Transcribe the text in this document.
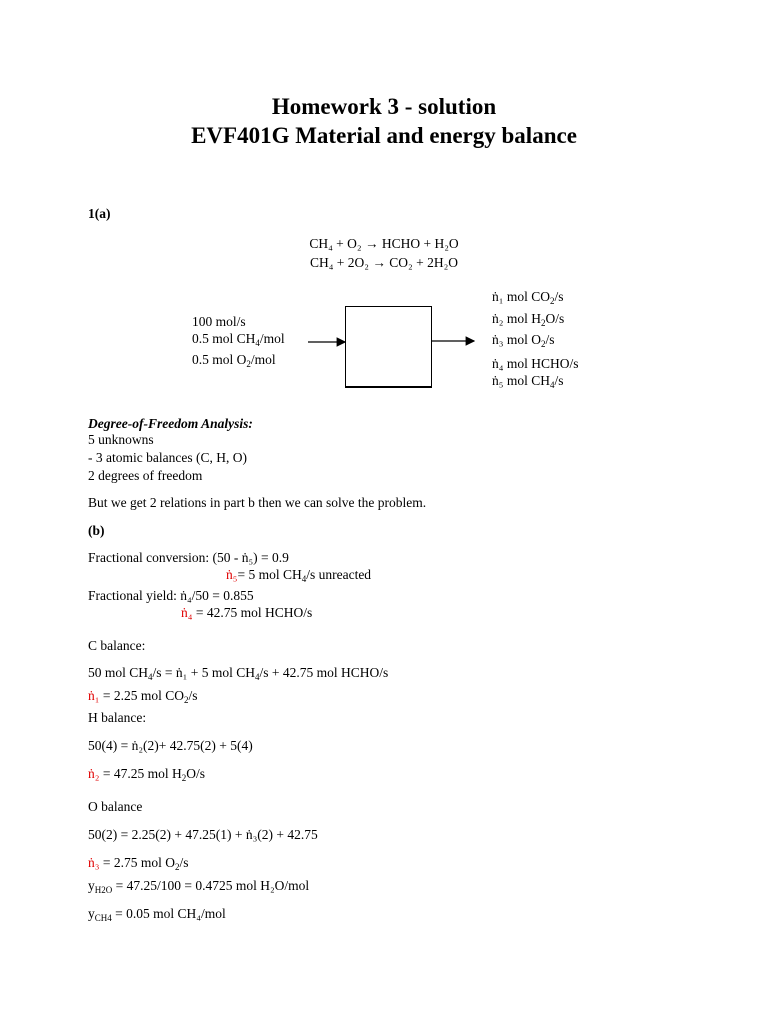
Homework 3 - solution
EVF401G Material and energy balance
1(a)
CH₄ + O₂ → HCHO + H₂O
CH₄ + 2O₂ → CO₂ + 2H₂O
100 mol/s
0.5 mol $CH_4$/mol
0.5 mol $O_2$/mol
ṅ₁ mol $CO_2/s$
ṅ₂ mol $H_2O/s$
ṅ₃ mol $O_2/s$
ṅ₄ mol HCHO/s
ṅ₅ mol $CH_4/s$
Degree-of-Freedom Analysis:
5 unknowns
- 3 atomic balances (C, H, O)
2 degrees of freedom
But we get 2 relations in part b then we can solve the problem.
(b)
Fractional conversion: (50 - ṅ₅) = 0.9
ṅ₅= 5 mol $CH_4/s$ unreacted
Fractional yield: ṅ₄/50 = 0.855
ṅ₄ = 42.75 mol HCHO/s
C balance:
50 mol $CH_4/s$ = ṅ₁ + 5 mol $CH_4/s + 42.75$ mol HCHO/s
ṅ₁ = 2.25 mol $CO_2/s$
H balance:
50(4) = ṅ₂(2)+ 42.75(2) + 5(4)
ṅ₂ = 47.25 mol $H_2O/s$
O balance
50(2) = 2.25(2) + 47.25(1) + ṅ₃(2) + 42.75
ṅ₃ = 2.75 mol $O_2/s$
$y_{H2O} = 47.25/100 = 0.4725$ mol H₂O/mol
$y_{CH4} = 0.05$ mol CH₄/mol
